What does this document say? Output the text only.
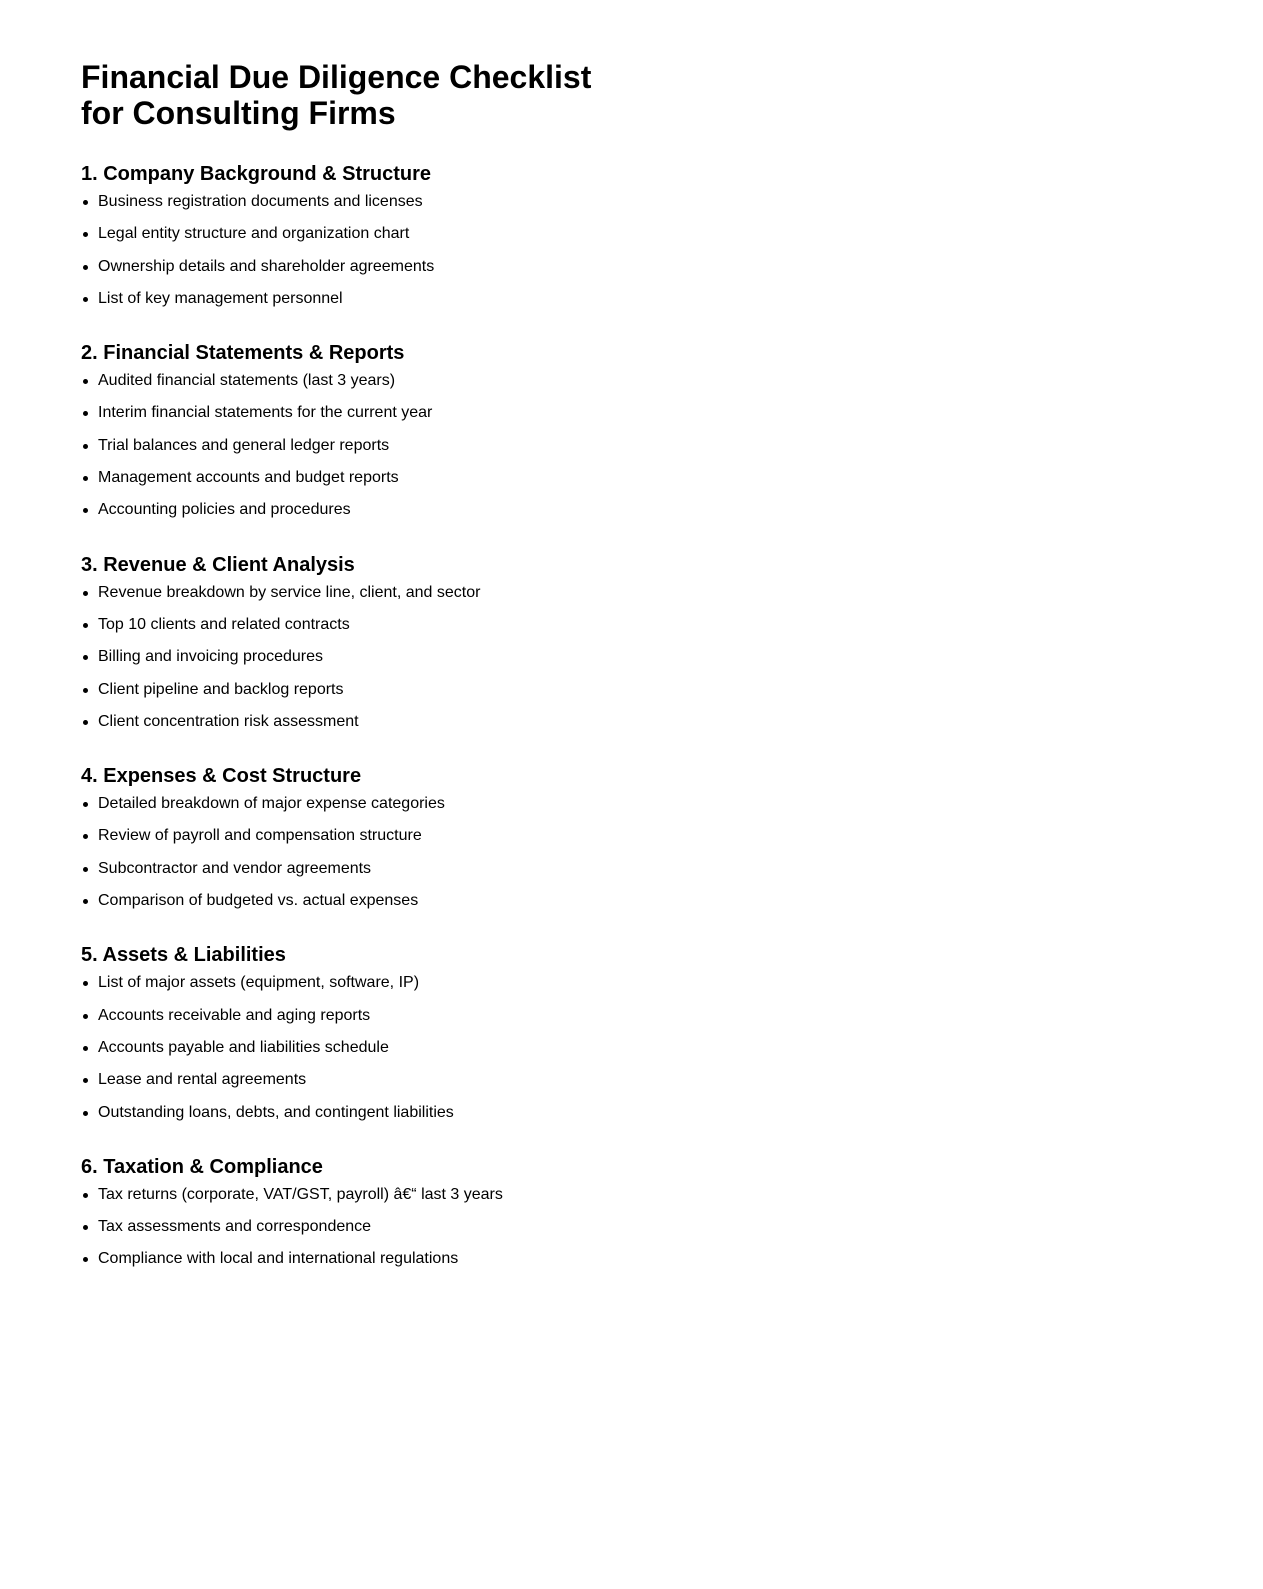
Financial Due Diligence Checklist
for Consulting Firms
1. Company Background & Structure
Business registration documents and licenses
Legal entity structure and organization chart
Ownership details and shareholder agreements
List of key management personnel
2. Financial Statements & Reports
Audited financial statements (last 3 years)
Interim financial statements for the current year
Trial balances and general ledger reports
Management accounts and budget reports
Accounting policies and procedures
3. Revenue & Client Analysis
Revenue breakdown by service line, client, and sector
Top 10 clients and related contracts
Billing and invoicing procedures
Client pipeline and backlog reports
Client concentration risk assessment
4. Expenses & Cost Structure
Detailed breakdown of major expense categories
Review of payroll and compensation structure
Subcontractor and vendor agreements
Comparison of budgeted vs. actual expenses
5. Assets & Liabilities
List of major assets (equipment, software, IP)
Accounts receivable and aging reports
Accounts payable and liabilities schedule
Lease and rental agreements
Outstanding loans, debts, and contingent liabilities
6. Taxation & Compliance
Tax returns (corporate, VAT/GST, payroll) â€“ last 3 years
Tax assessments and correspondence
Compliance with local and international regulations
